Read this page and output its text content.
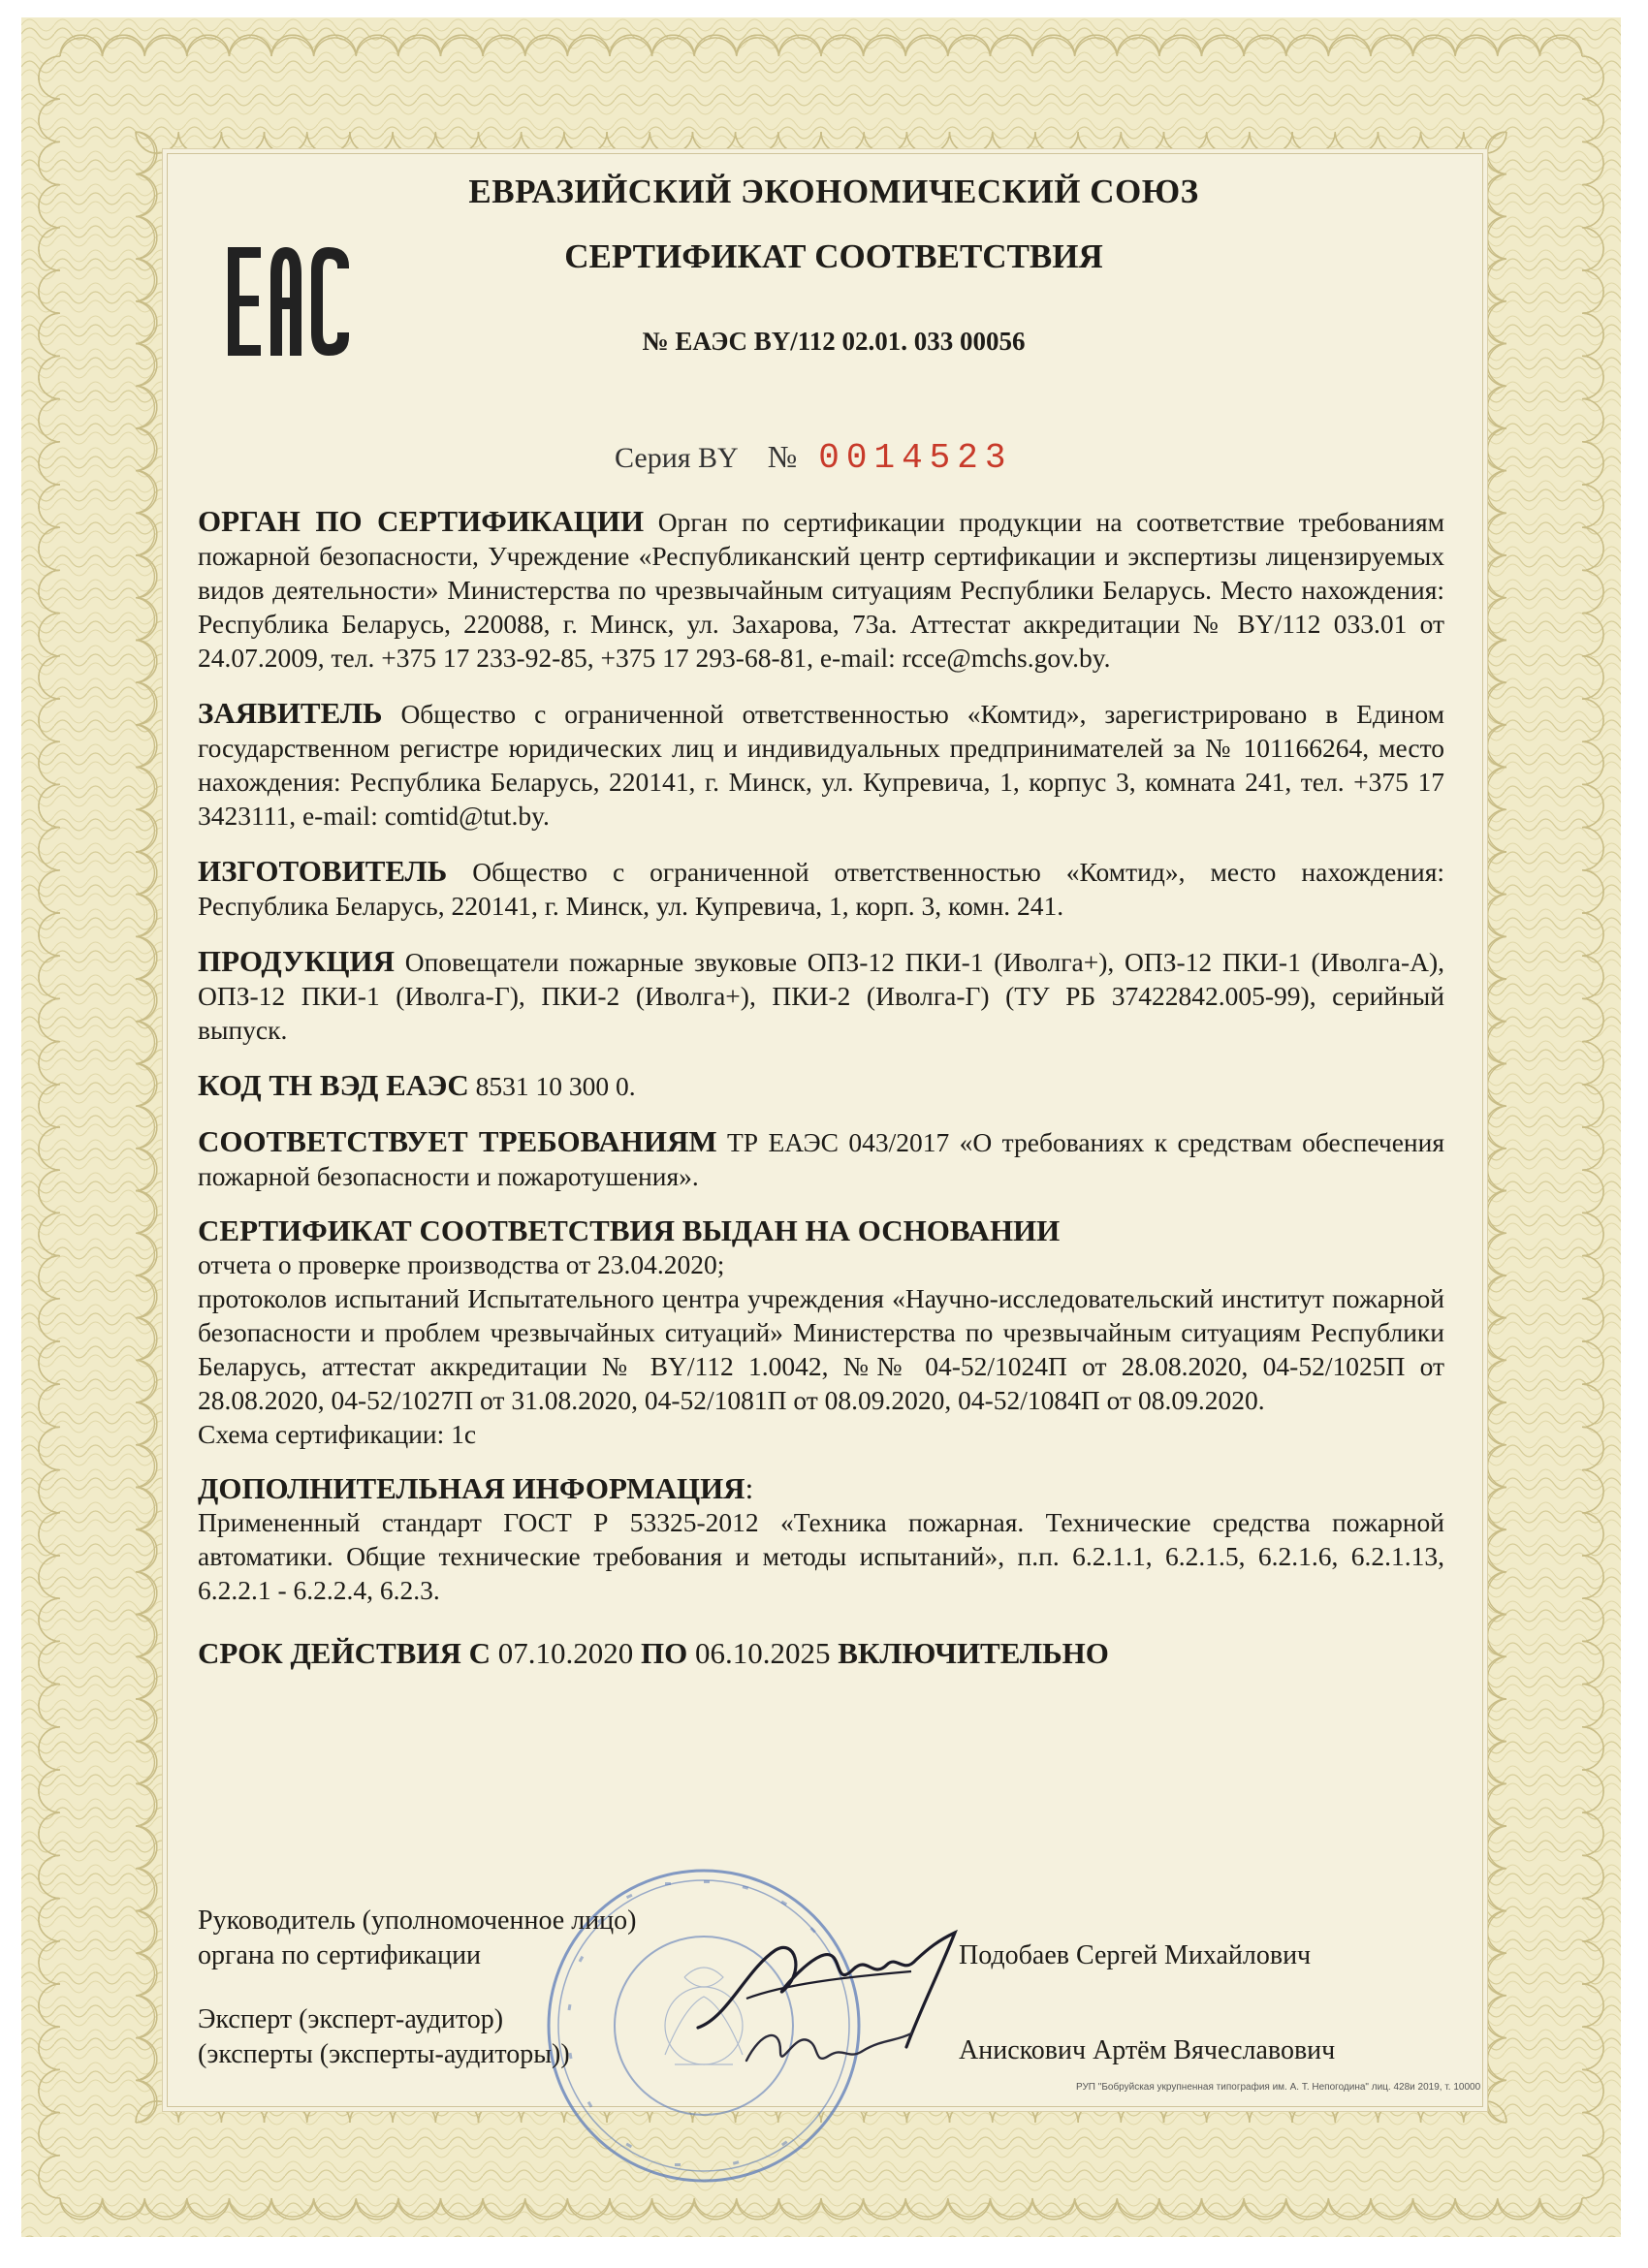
ЕВРАЗИЙСКИЙ ЭКОНОМИЧЕСКИЙ СОЮЗ
СЕРТИФИКАТ СООТВЕТСТВИЯ
№ ЕАЭС BY/112 02.01. 033 00056
Серия BY № 0014523
ОРГАН ПО СЕРТИФИКАЦИИ Орган по сертификации продукции на соответствие требованиям пожарной безопасности, Учреждение «Республиканский центр сертификации и экспертизы лицензируемых видов деятельности» Министерства по чрезвычайным ситуациям Республики Беларусь. Место нахождения: Республика Беларусь, 220088, г. Минск, ул. Захарова, 73а. Аттестат аккредитации № BY/112 033.01 от 24.07.2009, тел. +375 17 233-92-85, +375 17 293-68-81, e-mail: rcce@mchs.gov.by.
ЗАЯВИТЕЛЬ Общество с ограниченной ответственностью «Комтид», зарегистрировано в Едином государственном регистре юридических лиц и индивидуальных предпринимателей за № 101166264, место нахождения: Республика Беларусь, 220141, г. Минск, ул. Купревича, 1, корпус 3, комната 241, тел. +375 17 3423111, e-mail: comtid@tut.by.
ИЗГОТОВИТЕЛЬ Общество с ограниченной ответственностью «Комтид», место нахождения: Республика Беларусь, 220141, г. Минск, ул. Купревича, 1, корп. 3, комн. 241.
ПРОДУКЦИЯ Оповещатели пожарные звуковые ОПЗ-12 ПКИ-1 (Иволга+), ОПЗ-12 ПКИ-1 (Иволга-А), ОПЗ-12 ПКИ-1 (Иволга-Г), ПКИ-2 (Иволга+), ПКИ-2 (Иволга-Г) (ТУ РБ 37422842.005-99), серийный выпуск.
КОД ТН ВЭД ЕАЭС 8531 10 300 0.
СООТВЕТСТВУЕТ ТРЕБОВАНИЯМ ТР ЕАЭС 043/2017 «О требованиях к средствам обеспечения пожарной безопасности и пожаротушения».
СЕРТИФИКАТ СООТВЕТСТВИЯ ВЫДАН НА ОСНОВАНИИ
отчета о проверке производства от 23.04.2020;
протоколов испытаний Испытательного центра учреждения «Научно-исследовательский институт пожарной безопасности и проблем чрезвычайных ситуаций» Министерства по чрезвычайным ситуациям Республики Беларусь, аттестат аккредитации № BY/112 1.0042, №№ 04-52/1024П от 28.08.2020, 04-52/1025П от 28.08.2020, 04-52/1027П от 31.08.2020, 04-52/1081П от 08.09.2020, 04-52/1084П от 08.09.2020.
Схема сертификации: 1с
ДОПОЛНИТЕЛЬНАЯ ИНФОРМАЦИЯ:
Примененный стандарт ГОСТ Р 53325-2012 «Техника пожарная. Технические средства пожарной автоматики. Общие технические требования и методы испытаний», п.п. 6.2.1.1, 6.2.1.5, 6.2.1.6, 6.2.1.13, 6.2.2.1 - 6.2.2.4, 6.2.3.
СРОК ДЕЙСТВИЯ С 07.10.2020 ПО 06.10.2025 ВКЛЮЧИТЕЛЬНО
Руководитель (уполномоченное лицо)
органа по сертификации	Подобаев Сергей Михайлович
Эксперт (эксперт-аудитор)
(эксперты (эксперты-аудиторы))	Анискович Артём Вячеславович
РУП "Бобруйская укрупненная типография им. А. Т. Непогодина" лиц. 428и 2019, т. 10000
